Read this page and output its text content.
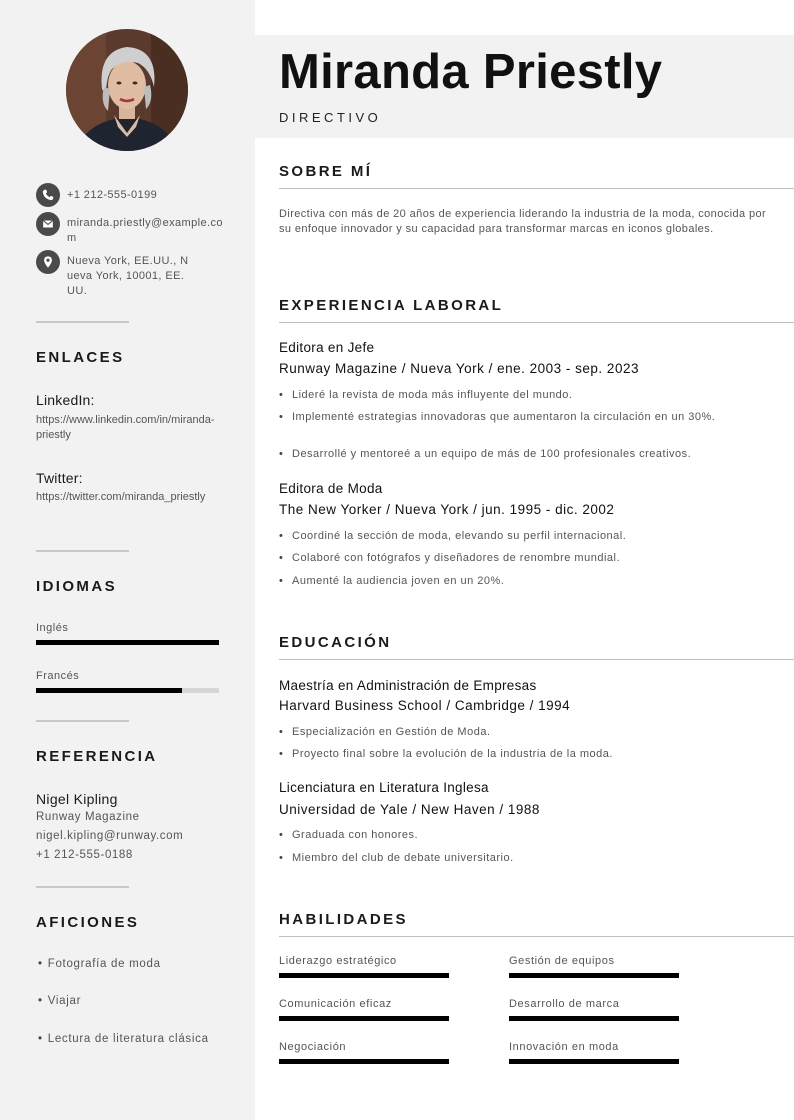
+1 212-555-0199
miranda.priestly@example.com
Nueva York, EE.UU., Nueva York, 10001, EE.UU.
ENLACES
LinkedIn:
https://www.linkedin.com/in/miranda-priestly
Twitter:
https://twitter.com/miranda_priestly
IDIOMAS
Inglés
Francés
REFERENCIA
Nigel Kipling
Runway Magazine
nigel.kipling@runway.com
+1 212-555-0188
AFICIONES
• Fotografía de moda
• Viajar
• Lectura de literatura clásica
Miranda Priestly
DIRECTIVO
SOBRE MÍ
Directiva con más de 20 años de experiencia liderando la industria de la moda, conocida por su enfoque innovador y su capacidad para transformar marcas en iconos globales.
EXPERIENCIA LABORAL
Editora en Jefe
Runway Magazine / Nueva York / ene. 2003 - sep. 2023
• Lideré la revista de moda más influyente del mundo.
• Implementé estrategias innovadoras que aumentaron la circulación en un 30%.
• Desarrollé y mentoreé a un equipo de más de 100 profesionales creativos.
Editora de Moda
The New Yorker / Nueva York / jun. 1995 - dic. 2002
• Coordiné la sección de moda, elevando su perfil internacional.
• Colaboré con fotógrafos y diseñadores de renombre mundial.
• Aumenté la audiencia joven en un 20%.
EDUCACIÓN
Maestría en Administración de Empresas
Harvard Business School / Cambridge / 1994
• Especialización en Gestión de Moda.
• Proyecto final sobre la evolución de la industria de la moda.
Licenciatura en Literatura Inglesa
Universidad de Yale / New Haven / 1988
• Graduada con honores.
• Miembro del club de debate universitario.
HABILIDADES
Liderazgo estratégico	Gestión de equipos
Comunicación eficaz	Desarrollo de marca
Negociación	Innovación en moda
